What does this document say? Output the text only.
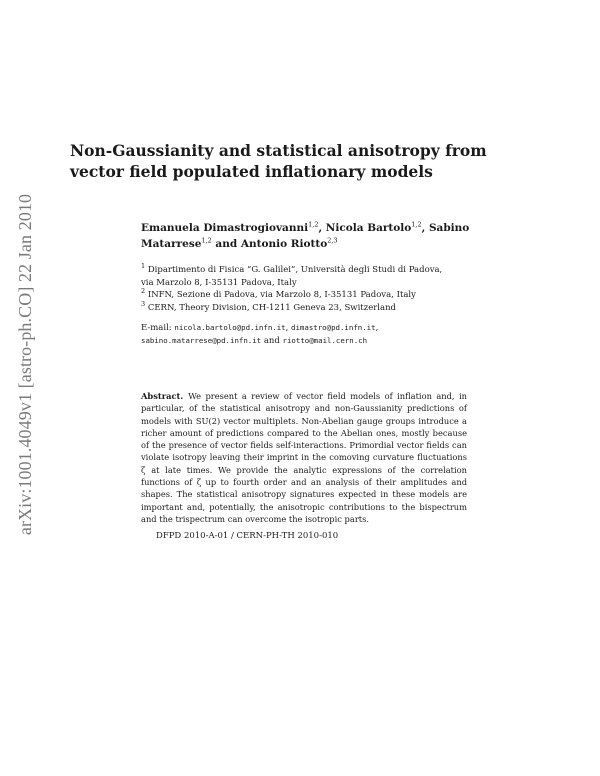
arXiv:1001.4049v1 [astro-ph.CO] 22 Jan 2010
Non-Gaussianity and statistical anisotropy from vector field populated inflationary models
Emanuela Dimastrogiovanni$^{1,2}$, Nicola Bartolo$^{1,2}$, Sabino Matarrese$^{1,2}$ and Antonio Riotto$^{2,3}$
$^1$ Dipartimento di Fisica “G. Galilei”, Università degli Studi di Padova,
via Marzolo 8, I-35131 Padova, Italy
$^2$ INFN, Sezione di Padova, via Marzolo 8, I-35131 Padova, Italy
$^3$ CERN, Theory Division, CH-1211 Geneva 23, Switzerland
E-mail: nicola.bartolo@pd.infn.it, dimastro@pd.infn.it,
sabino.matarrese@pd.infn.it and riotto@mail.cern.ch
Abstract. We present a review of vector field models of inflation and, in particular, of the statistical anisotropy and non-Gaussianity predictions of models with SU(2) vector multiplets. Non-Abelian gauge groups introduce a richer amount of predictions compared to the Abelian ones, mostly because of the presence of vector fields self-interactions. Primordial vector fields can violate isotropy leaving their imprint in the comoving curvature fluctuations ζ at late times. We provide the analytic expressions of the correlation functions of ζ up to fourth order and an analysis of their amplitudes and shapes. The statistical anisotropy signatures expected in these models are important and, potentially, the anisotropic contributions to the bispectrum and the trispectrum can overcome the isotropic parts.
DFPD 2010-A-01 / CERN-PH-TH 2010-010
